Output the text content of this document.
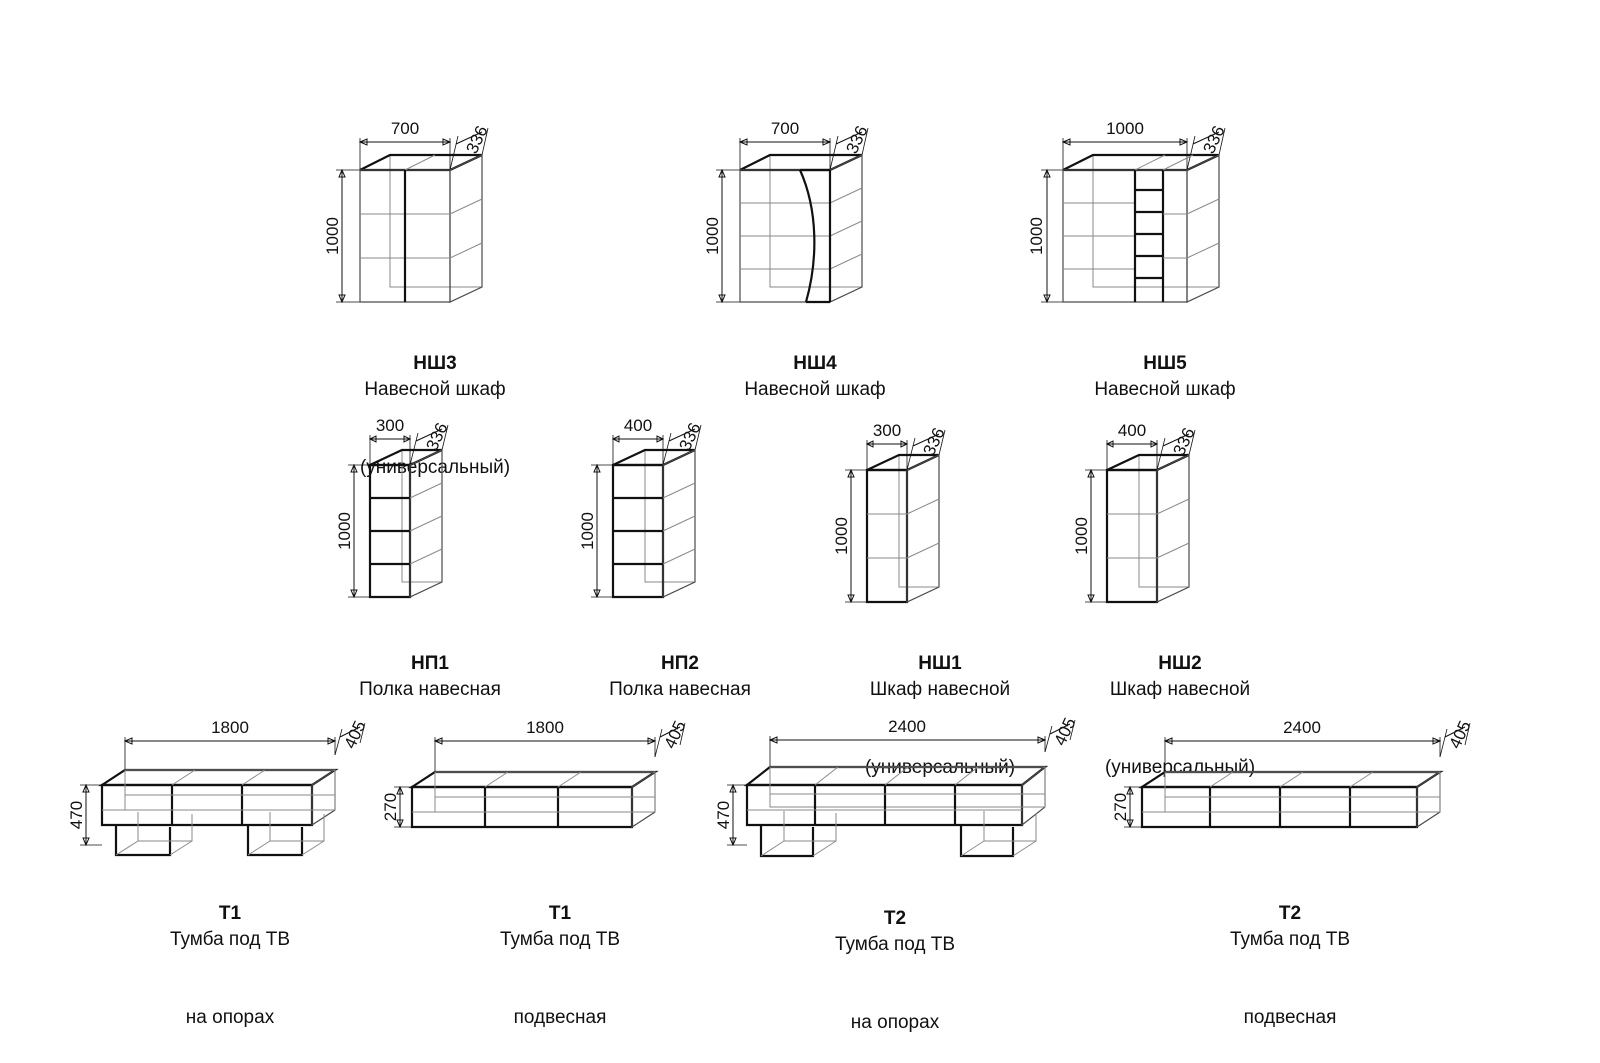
700	336
1000

НШ3
Навесной шкаф

(универсальный)

700	336
1000

НШ4
Навесной шкаф

1000	336
1000

НШ5
Навесной шкаф

300 336
1000

НП1
Полка навесная

400 336
1000

НП2
Полка навесная

300 336
1000

НШ1
Шкаф навесной

(универсальный)

400 336
1000

НШ2
Шкаф навесной

(универсальный)

1800	405
470

Т1
Тумба под ТВ

на опорах

1800	405
270

Т1
Тумба под ТВ

подвесная

2400	405
470

Т2
Тумба под ТВ

на опорах

2400	405
270

Т2
Тумба под ТВ

подвесная
